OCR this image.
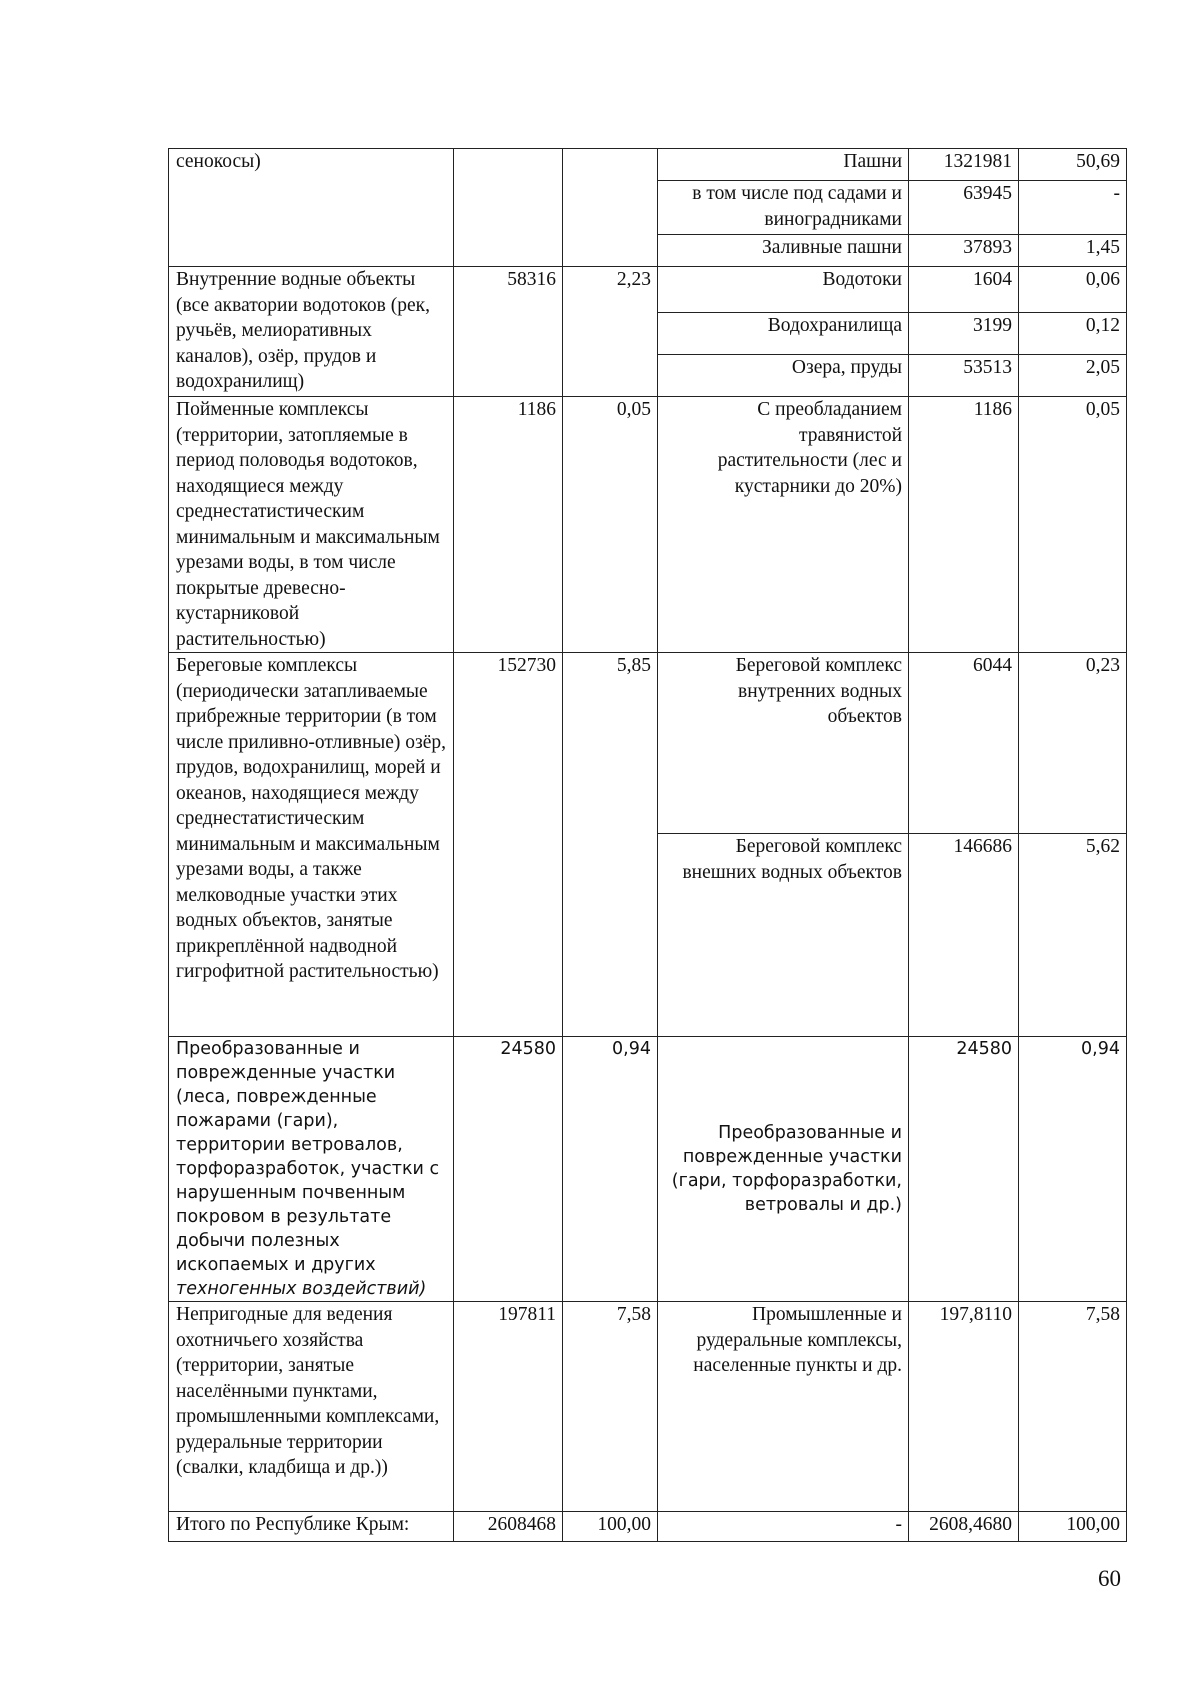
сенокосы)			Пашни	1321981	50,69
			в том числе под садами и виноградниками	63945	-
			Заливные пашни	37893	1,45
Внутренние водные объекты (все акватории водотоков (рек, ручьёв, мелиоративных каналов), озёр, прудов и водохранилищ)	58316	2,23	Водотоки	1604	0,06
			Водохранилища	3199	0,12
			Озера, пруды	53513	2,05
Пойменные комплексы (территории, затопляемые в период половодья водотоков, находящиеся между среднестатистическим минимальным и максимальным урезами воды, в том числе покрытые древесно-кустарниковой растительностью)	1186	0,05	С преобладанием травянистой растительности (лес и кустарники до 20%)	1186	0,05
Береговые комплексы (периодически затапливаемые прибрежные территории (в том числе приливно-отливные) озёр, прудов, водохранилищ, морей и океанов, находящиеся между среднестатистическим минимальным и максимальным урезами воды, а также мелководные участки этих водных объектов, занятые прикреплённой надводной гигрофитной растительностью)	152730	5,85	Береговой комплекс внутренних водных объектов	6044	0,23
			Береговой комплекс внешних водных объектов	146686	5,62
Преобразованные и поврежденные участки (леса, поврежденные пожарами (гари), территории ветровалов, торфоразработок, участки с нарушенным почвенным покровом в результате добычи полезных ископаемых и других техногенных воздействий)	24580	0,94	Преобразованные и поврежденные участки (гари, торфоразработки, ветровалы и др.)	24580	0,94
Непригодные для ведения охотничьего хозяйства (территории, занятые населёнными пунктами, промышленными комплексами, рудеральные территории (свалки, кладбища и др.))	197811	7,58	Промышленные и рудеральные комплексы, населенные пункты и др.	197,8110	7,58
Итого по Республике Крым:	2608468	100,00	-	2608,4680	100,00
60
